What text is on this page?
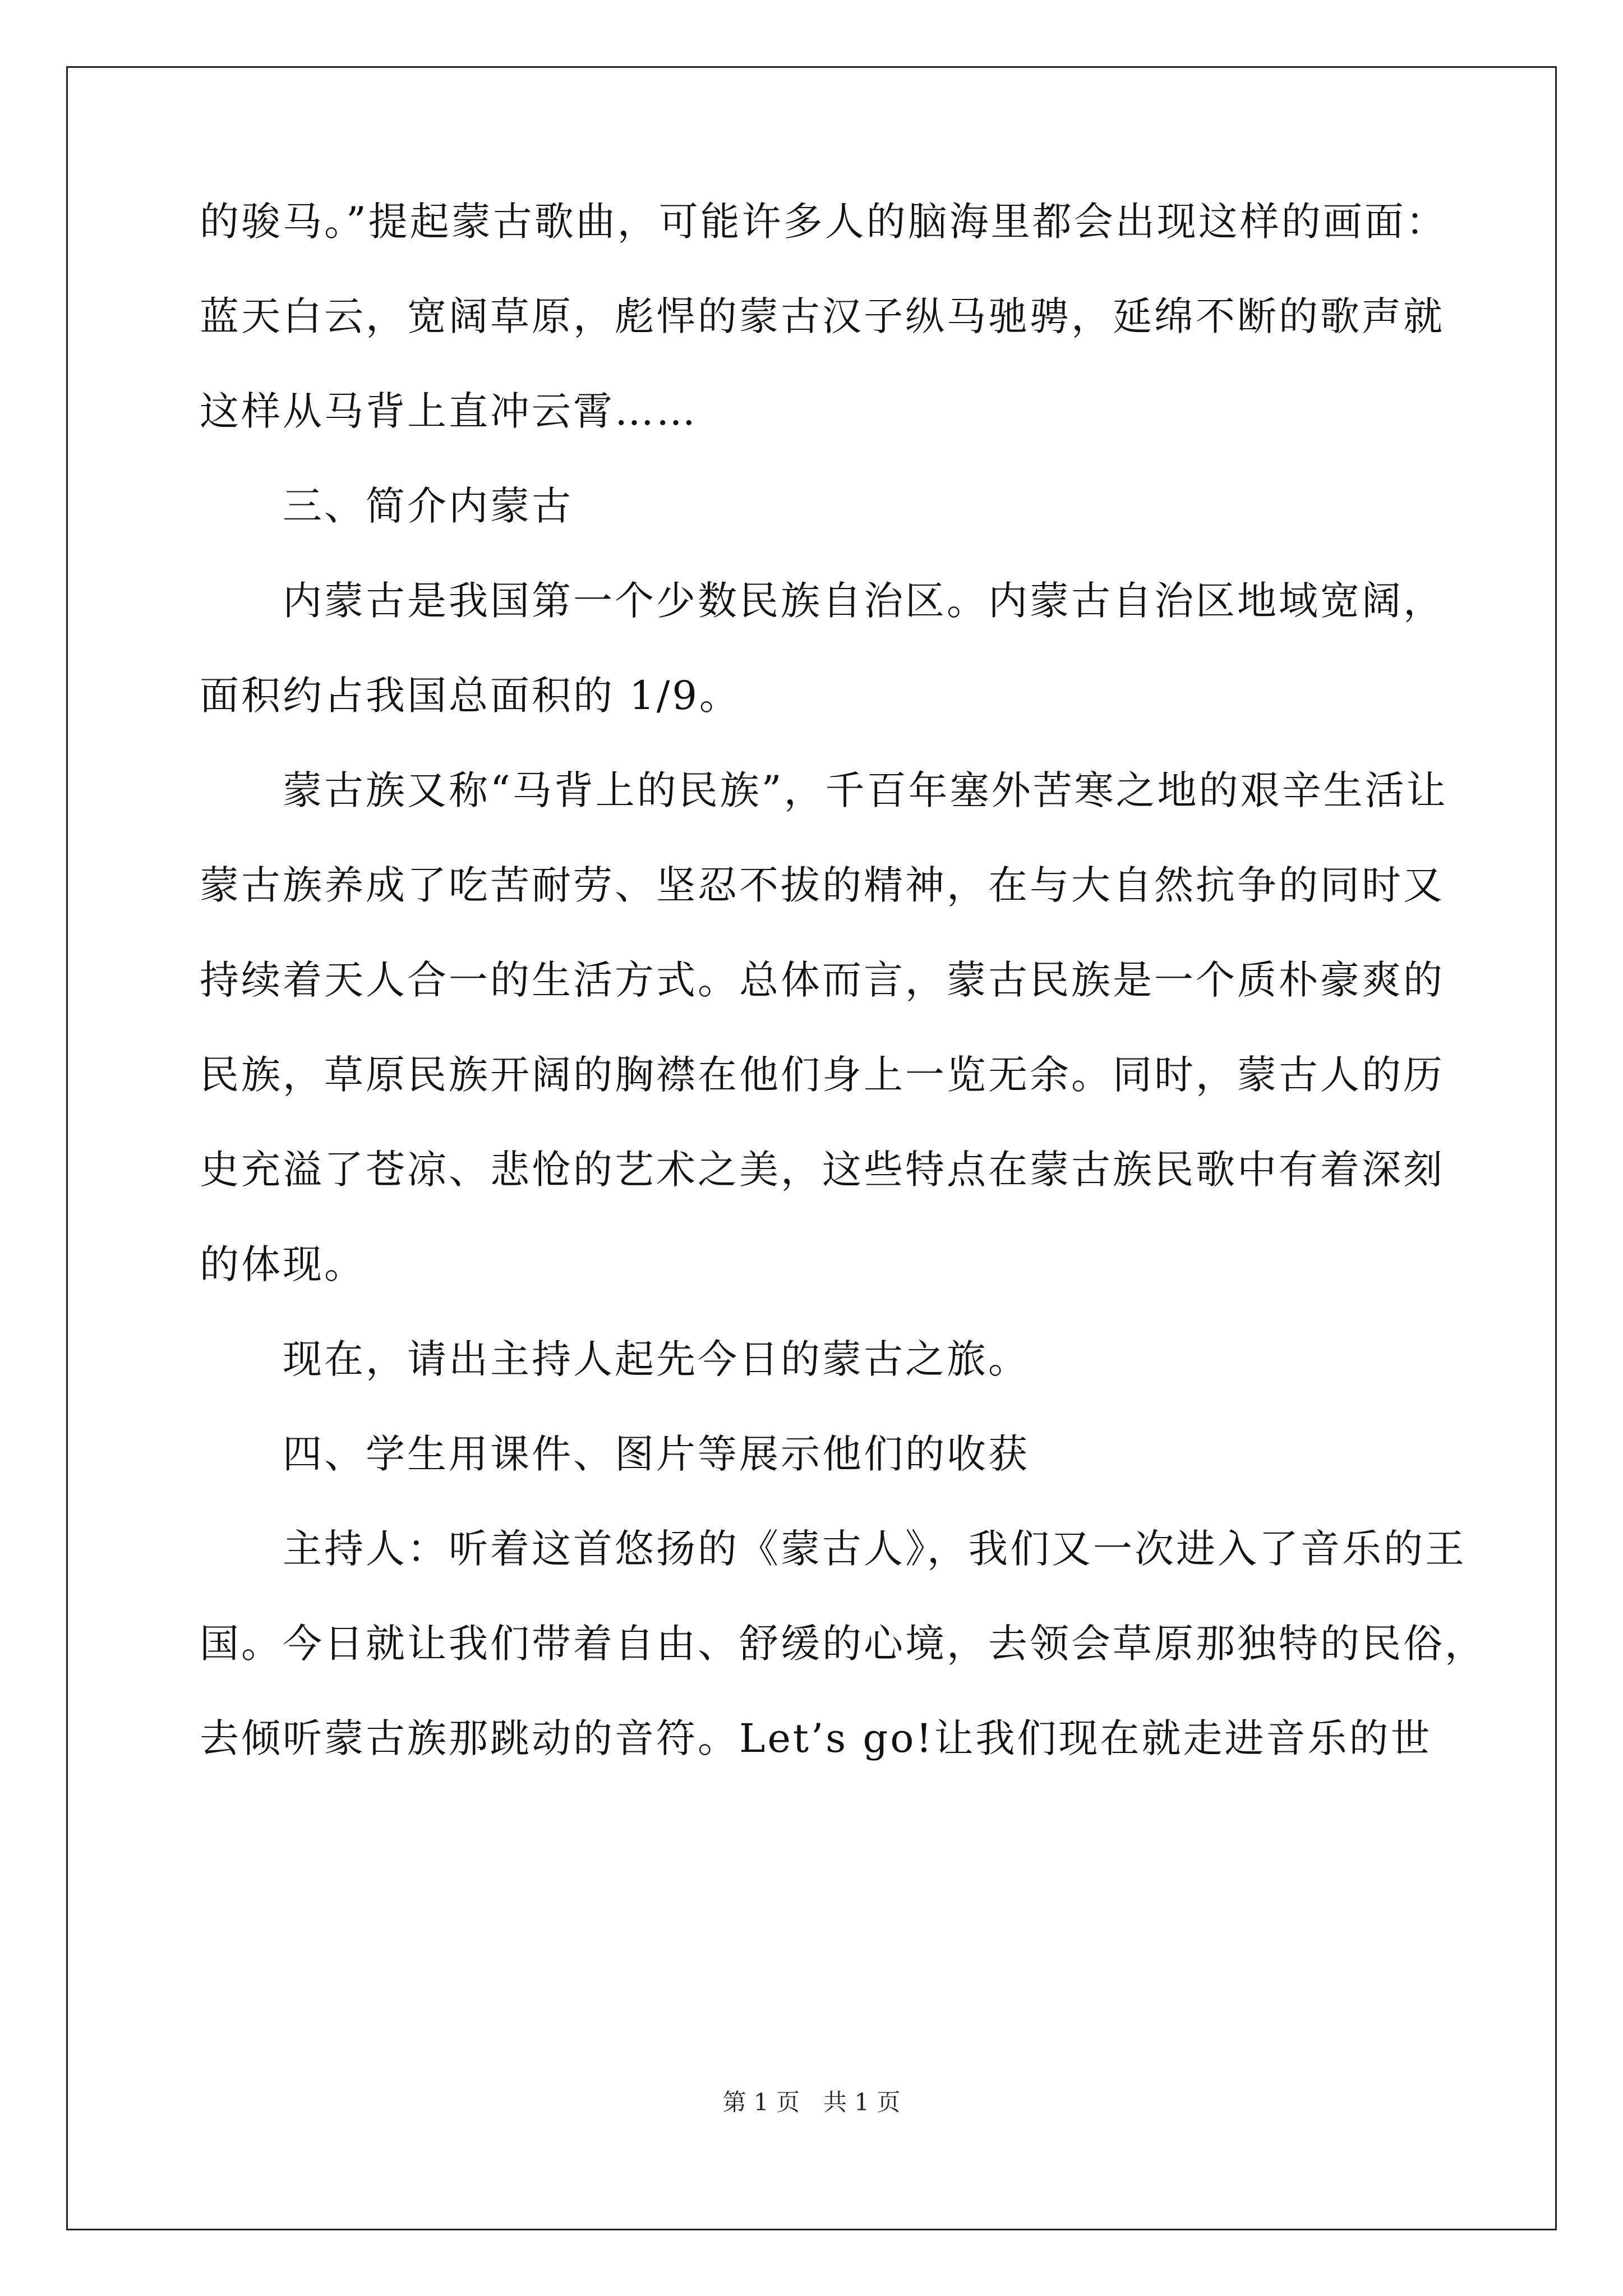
的骏马。”提起蒙古歌曲，可能许多人的脑海里都会出现这样的画面：
蓝天白云，宽阔草原，彪悍的蒙古汉子纵马驰骋，延绵不断的歌声就
这样从马背上直冲云霄……
三、简介内蒙古
内蒙古是我国第一个少数民族自治区。内蒙古自治区地域宽阔，
面积约占我国总面积的 1/9。
蒙古族又称“马背上的民族”，千百年塞外苦寒之地的艰辛生活让
蒙古族养成了吃苦耐劳、坚忍不拔的精神，在与大自然抗争的同时又
持续着天人合一的生活方式。总体而言，蒙古民族是一个质朴豪爽的
民族，草原民族开阔的胸襟在他们身上一览无余。同时，蒙古人的历
史充溢了苍凉、悲怆的艺术之美，这些特点在蒙古族民歌中有着深刻
的体现。
现在，请出主持人起先今日的蒙古之旅。
四、学生用课件、图片等展示他们的收获
主持人：听着这首悠扬的《蒙古人》，我们又一次进入了音乐的王
国。今日就让我们带着自由、舒缓的心境，去领会草原那独特的民俗，
去倾听蒙古族那跳动的音符。Let’s go!让我们现在就走进音乐的世
第 1 页　共 1 页
